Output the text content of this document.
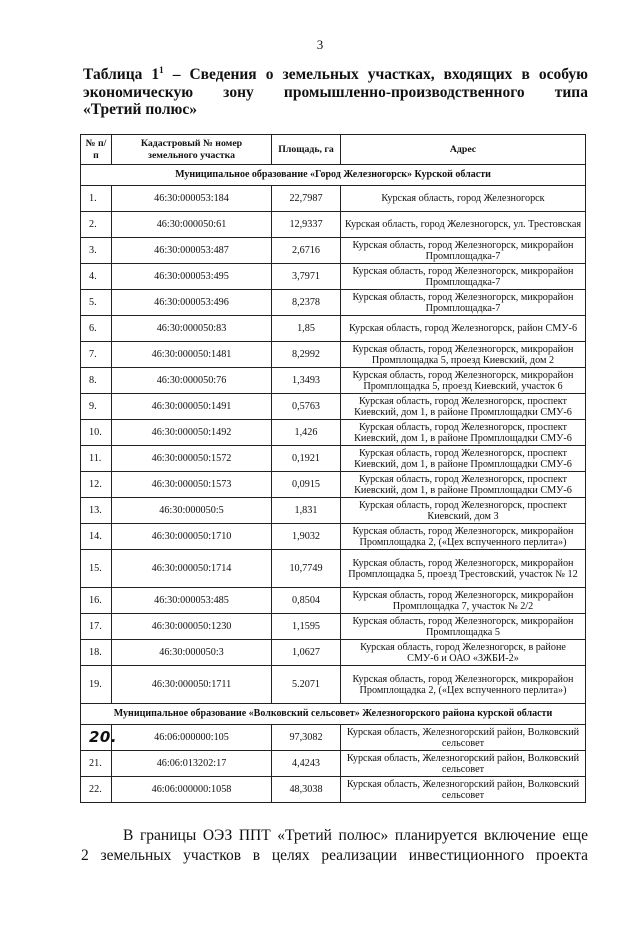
3
Таблица $1^1$ – Сведения о земельных участках, входящих в особую
экономическую зону промышленно-производственного типа
«Третий полюс»
№ п/п	Кадастровый № номер земельного участка	Площадь, га	Адрес
Муниципальное образование «Город Железногорск» Курской области			
1.	46:30:000053:184	22,7987	Курская область, город Железногорск
2.	46:30:000050:61	12,9337	Курская область, город Железногорск, ул. Трестовская
3.	46:30:000053:487	2,6716	Курская область, город Железногорск, микрорайон Промплощадка-7
4.	46:30:000053:495	3,7971	Курская область, город Железногорск, микрорайон Промплощадка-7
5.	46:30:000053:496	8,2378	Курская область, город Железногорск, микрорайон Промплощадка-7
6.	46:30:000050:83	1,85	Курская область, город Железногорск, район СМУ-6
7.	46:30:000050:1481	8,2992	Курская область, город Железногорск, микрорайон Промплощадка 5, проезд Киевский, дом 2
8.	46:30:000050:76	1,3493	Курская область, город Железногорск, микрорайон Промплощадка 5, проезд Киевский, участок 6
9.	46:30:000050:1491	0,5763	Курская область, город Железногорск, проспект Киевский, дом 1, в районе Промплощадки СМУ-6
10.	46:30:000050:1492	1,426	Курская область, город Железногорск, проспект Киевский, дом 1, в районе Промплощадки СМУ-6
11.	46:30:000050:1572	0,1921	Курская область, город Железногорск, проспект Киевский, дом 1, в районе Промплощадки СМУ-6
12.	46:30:000050:1573	0,0915	Курская область, город Железногорск, проспект Киевский, дом 1, в районе Промплощадки СМУ-6
13.	46:30:000050:5	1,831	Курская область, город Железногорск, проспект Киевский, дом 3
14.	46:30:000050:1710	1,9032	Курская область, город Железногорск, микрорайон Промплощадка 2, («Цех вспученного перлита»)
15.	46:30:000050:1714	10,7749	Курская область, город Железногорск, микрорайон Промплощадка 5, проезд Трестовский, участок № 12
16.	46:30:000053:485	0,8504	Курская область, город Железногорск, микрорайон Промплощадка 7, участок № 2/2
17.	46:30:000050:1230	1,1595	Курская область, город Железногорск, микрорайон Промплощадка 5
18.	46:30:000050:3	1,0627	Курская область, город Железногорск, в районе СМУ-6 и ОАО «ЗЖБИ-2»
19.	46:30:000050:1711	5.2071	Курская область, город Железногорск, микрорайон Промплощадка 2, («Цех вспученного перлита»)
Муниципальное образование «Волковский сельсовет» Железногорского района курской области			
20.	46:06:000000:105	97,3082	Курская область, Железногорский район, Волковский сельсовет
21.	46:06:013202:17	4,4243	Курская область, Железногорский район, Волковский сельсовет
22.	46:06:000000:1058	48,3038	Курская область, Железногорский район, Волковский сельсовет
В границы ОЭЗ ППТ «Третий полюс» планируется включение еще
2 земельных участков в целях реализации инвестиционного проекта
